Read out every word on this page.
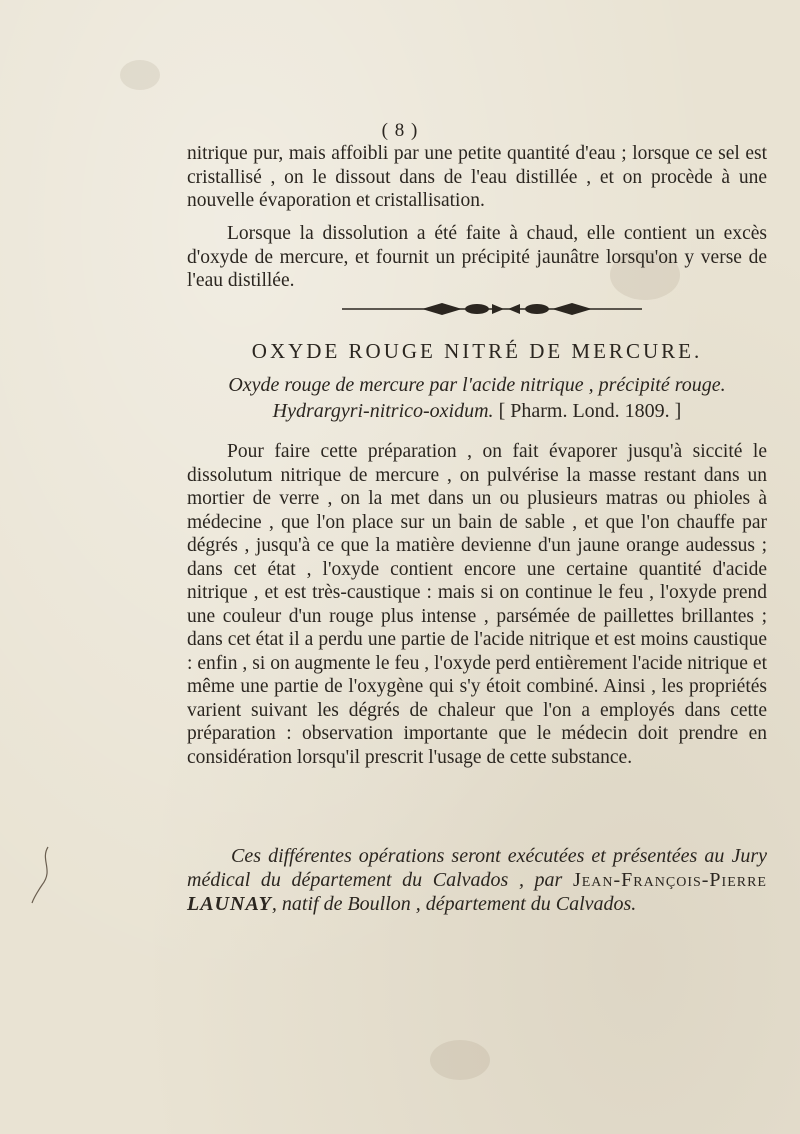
( 8 )

nitrique pur, mais affoibli par une petite quantité d'eau ; lorsque ce sel est cristallisé , on le dissout dans de l'eau distillée , et on procède à une nouvelle évaporation et cristallisation.

Lorsque la dissolution a été faite à chaud, elle contient un excès d'oxyde de mercure, et fournit un précipité jaunâtre lorsqu'on y verse de l'eau distillée.

OXYDE ROUGE NITRÉ DE MERCURE.
Oxyde rouge de mercure par l'acide nitrique , précipité rouge.
Hydrargyri-nitrico-oxidum. [ Pharm. Lond. 1809. ]

Pour faire cette préparation , on fait évaporer jusqu'à siccité le dissolutum nitrique de mercure , on pulvérise la masse restant dans un mortier de verre , on la met dans un ou plusieurs matras ou phioles à médecine , que l'on place sur un bain de sable , et que l'on chauffe par dégrés , jusqu'à ce que la matière devienne d'un jaune orange audessus ; dans cet état , l'oxyde contient encore une certaine quantité d'acide nitrique , et est très-caustique : mais si on continue le feu , l'oxyde prend une couleur d'un rouge plus intense , parsémée de paillettes brillantes ; dans cet état il a perdu une partie de l'acide nitrique et est moins caustique : enfin , si on augmente le feu , l'oxyde perd entièrement l'acide nitrique et même une partie de l'oxygène qui s'y étoit combiné. Ainsi , les propriétés varient suivant les dégrés de chaleur que l'on a employés dans cette préparation : observation importante que le médecin doit prendre en considération lorsqu'il prescrit l'usage de cette substance.

Ces différentes opérations seront exécutées et présentées au Jury médical du département du Calvados , par Jean-François-Pierre LAUNAY, natif de Boullon , département du Calvados.
